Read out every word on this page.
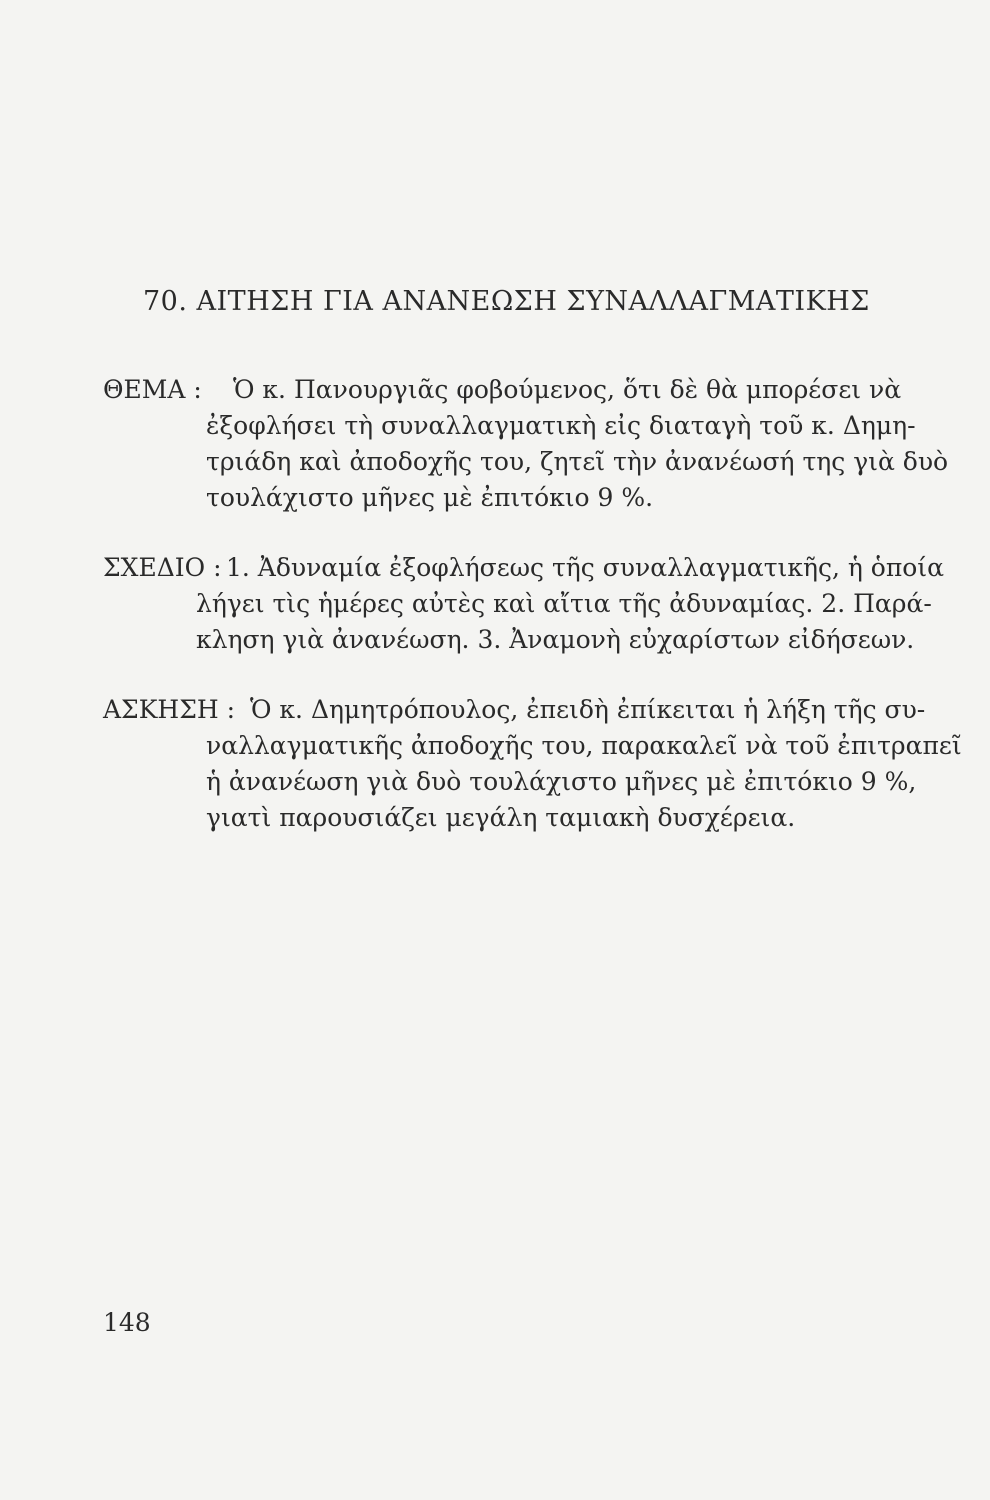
70. ΑΙΤΗΣΗ ΓΙΑ ΑΝΑΝΕΩΣΗ ΣΥΝΑΛΛΑΓΜΑΤΙΚΗΣ
ΘΕΜΑ : Ὁ κ. Πανουργιᾶς φοβούμενος, ὅτι δὲ θὰ μπορέσει νὰ
ἐξοφλήσει τὴ συναλλαγματικὴ εἰς διαταγὴ τοῦ κ. Δημη-
τριάδη καὶ ἀποδοχῆς του, ζητεῖ τὴν ἀνανέωσή της γιὰ δυὸ
τουλάχιστο μῆνες μὲ ἐπιτόκιο 9 %.
ΣΧΕΔΙΟ : 1. Ἀδυναμία ἐξοφλήσεως τῆς συναλλαγματικῆς, ἡ ὁποία
λήγει τὶς ἡμέρες αὐτὲς καὶ αἴτια τῆς ἀδυναμίας. 2. Παρά-
κληση γιὰ ἀνανέωση. 3. Ἀναμονὴ εὐχαρίστων εἰδήσεων.
ΑΣΚΗΣΗ : Ὁ κ. Δημητρόπουλος, ἐπειδὴ ἐπίκειται ἡ λήξη τῆς συ-
ναλλαγματικῆς ἀποδοχῆς του, παρακαλεῖ νὰ τοῦ ἐπιτραπεῖ
ἡ ἀνανέωση γιὰ δυὸ τουλάχιστο μῆνες μὲ ἐπιτόκιο 9 %,
γιατὶ παρουσιάζει μεγάλη ταμιακὴ δυσχέρεια.
148
